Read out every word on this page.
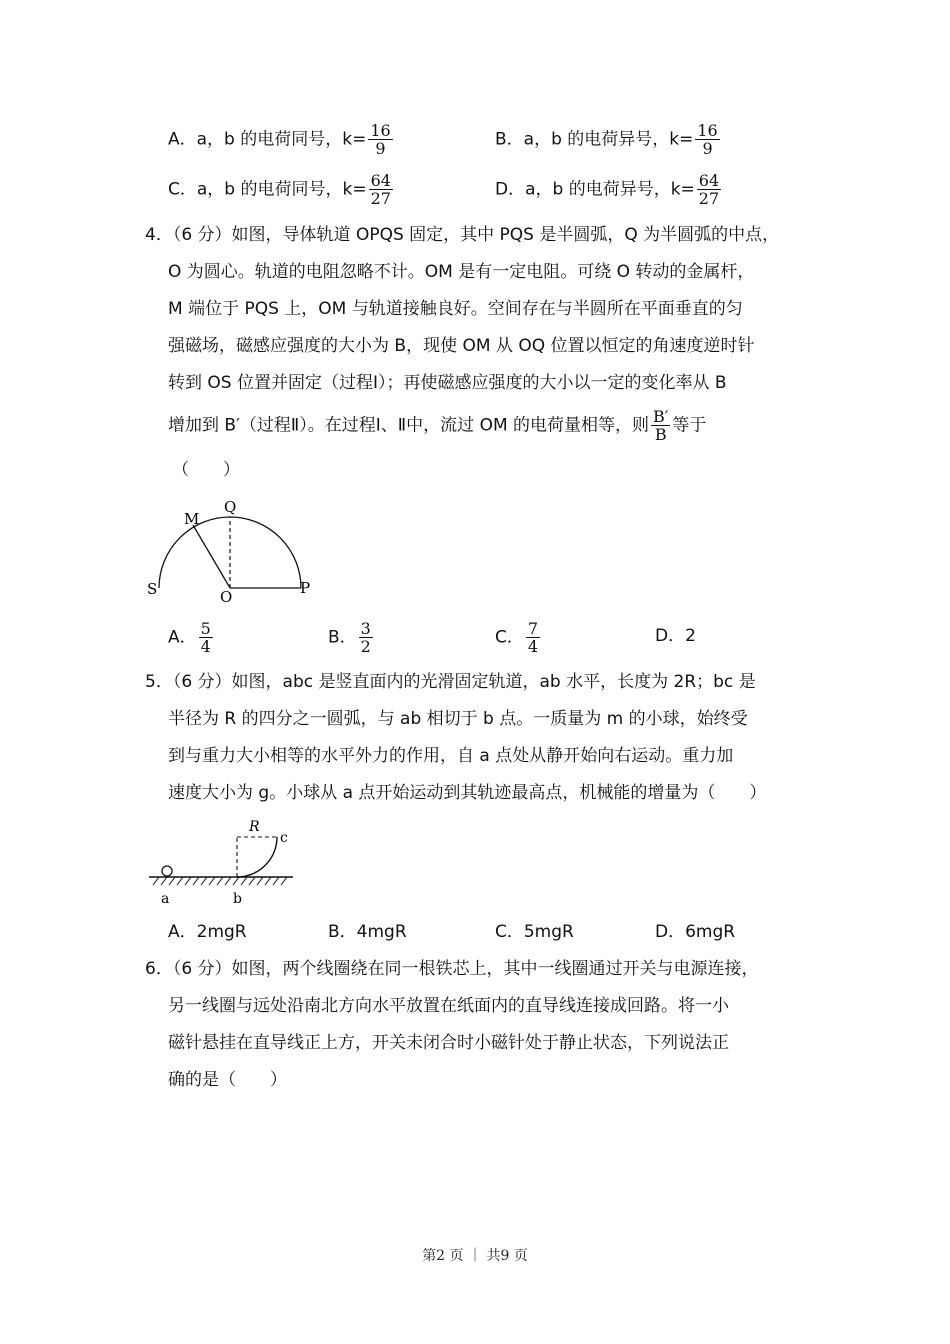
A．a，b 的电荷同号，$k= \frac{16}{9}$	B．a，b 的电荷异号，$k= \frac{16}{9}$
C．a，b 的电荷同号，$k= \frac{64}{27}$	D．a，b 的电荷异号，$k= \frac{64}{27}$
4．（6 分）如图，导体轨道 OPQS 固定，其中 PQS 是半圆弧，Q 为半圆弧的中点，
O 为圆心。轨道的电阻忽略不计。OM 是有一定电阻。可绕 O 转动的金属杆，
M 端位于 PQS 上，OM 与轨道接触良好。空间存在与半圆所在平面垂直的匀
强磁场，磁感应强度的大小为 B，现使 OM 从 OQ 位置以恒定的角速度逆时针
转到 OS 位置并固定（过程Ⅰ）；再使磁感应强度的大小以一定的变化率从 B
增加到 B′（过程Ⅱ）。在过程Ⅰ、Ⅱ中，流过 OM 的电荷量相等，则 $\frac{B'}{B}$ 等于
（　　）
M
Q
S	O	P
A． $\frac{5}{4}$	B． $\frac{3}{2}$	C． $\frac{7}{4}$	D．2
5．（6 分）如图，abc 是竖直面内的光滑固定轨道，ab 水平，长度为 2R；bc 是
半径为 R 的四分之一圆弧，与 ab 相切于 b 点。一质量为 m 的小球，始终受
到与重力大小相等的水平外力的作用，自 a 点处从静开始向右运动。重力加
速度大小为 g。小球从 a 点开始运动到其轨迹最高点，机械能的增量为（　　）
R
c
a	b
A．2mgR	B．4mgR	C．5mgR	D．6mgR
6．（6 分）如图，两个线圈绕在同一根铁芯上，其中一线圈通过开关与电源连接，
另一线圈与远处沿南北方向水平放置在纸面内的直导线连接成回路。将一小
磁针悬挂在直导线正上方，开关未闭合时小磁针处于静止状态，下列说法正
确的是（　　）
第2 页 ｜ 共9 页
